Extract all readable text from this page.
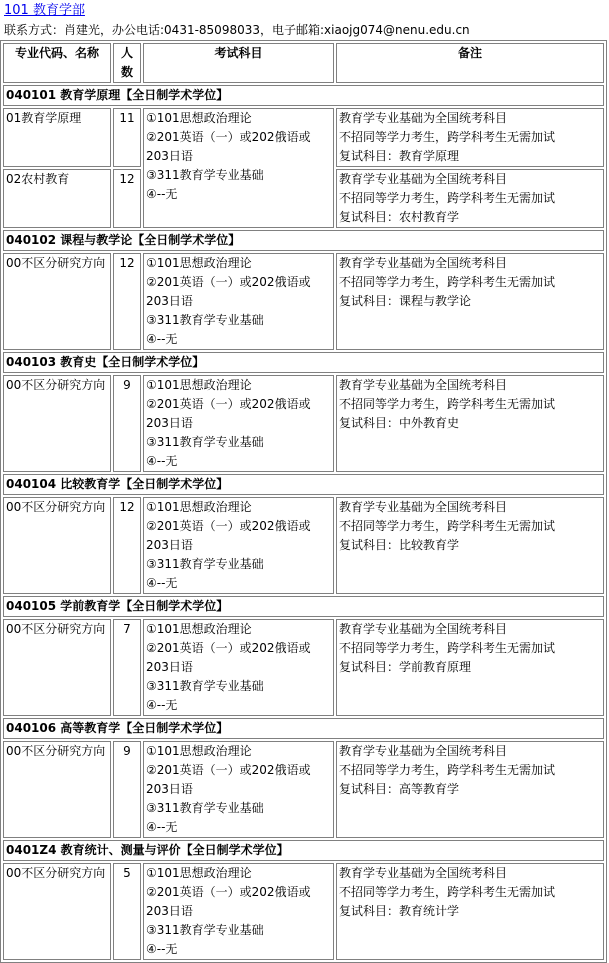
101 教育学部
联系方式：肖建光，办公电话:0431-85098033，电子邮箱:xiaojg074@nenu.edu.cn
专业代码、名称	人数	考试科目	备注
040101 教育学原理【全日制学术学位】			
01教育学原理	11	①101思想政治理论
②201英语（一）或202俄语或
203日语
③311教育学专业基础
④--无	教育学专业基础为全国统考科目
不招同等学力考生，跨学科考生无需加试
复试科目：教育学原理

02农村教育	12		教育学专业基础为全国统考科目
不招同等学力考生，跨学科考生无需加试
复试科目：农村教育学

040102 课程与教学论【全日制学术学位】			
00不区分研究方向	12	①101思想政治理论
②201英语（一）或202俄语或
203日语
③311教育学专业基础
④--无	教育学专业基础为全国统考科目
不招同等学力考生，跨学科考生无需加试
复试科目：课程与教学论

040103 教育史【全日制学术学位】			
00不区分研究方向	9	①101思想政治理论
②201英语（一）或202俄语或
203日语
③311教育学专业基础
④--无	教育学专业基础为全国统考科目
不招同等学力考生，跨学科考生无需加试
复试科目：中外教育史

040104 比较教育学【全日制学术学位】			
00不区分研究方向	12	①101思想政治理论
②201英语（一）或202俄语或
203日语
③311教育学专业基础
④--无	教育学专业基础为全国统考科目
不招同等学力考生，跨学科考生无需加试
复试科目：比较教育学

040105 学前教育学【全日制学术学位】			
00不区分研究方向	7	①101思想政治理论
②201英语（一）或202俄语或
203日语
③311教育学专业基础
④--无	教育学专业基础为全国统考科目
不招同等学力考生，跨学科考生无需加试
复试科目：学前教育原理

040106 高等教育学【全日制学术学位】			
00不区分研究方向	9	①101思想政治理论
②201英语（一）或202俄语或
203日语
③311教育学专业基础
④--无	教育学专业基础为全国统考科目
不招同等学力考生，跨学科考生无需加试
复试科目：高等教育学

0401Z4 教育统计、测量与评价【全日制学术学位】			
00不区分研究方向	5	①101思想政治理论
②201英语（一）或202俄语或
203日语
③311教育学专业基础
④--无	教育学专业基础为全国统考科目
不招同等学力考生，跨学科考生无需加试
复试科目：教育统计学
